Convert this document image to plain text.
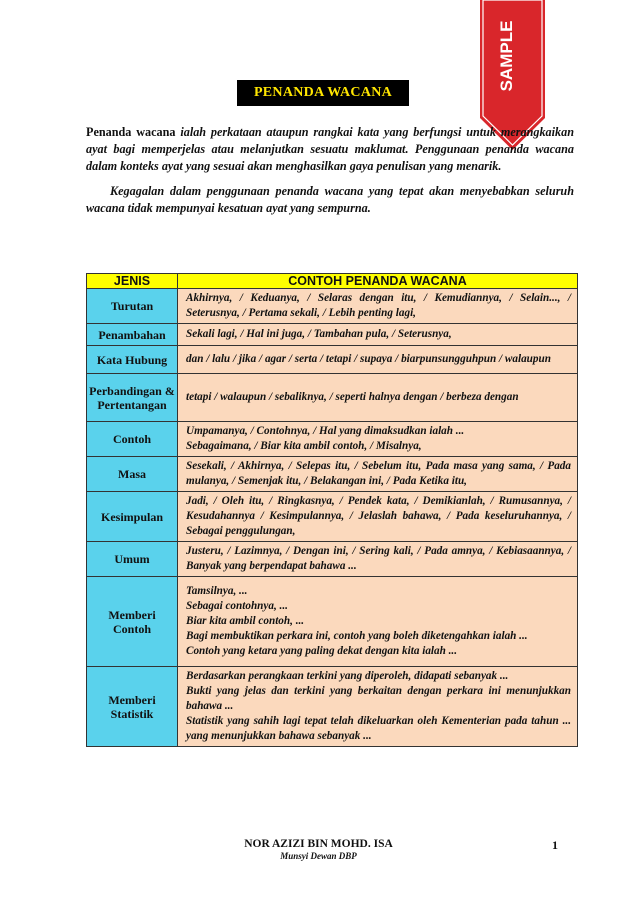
PENANDA WACANA
SAMPLE

Penanda wacana ialah perkataan ataupun rangkai kata yang berfungsi untuk merangkaikan ayat bagi memperjelas atau melanjutkan sesuatu maklumat. Penggunaan penanda wacana dalam konteks ayat yang sesuai akan menghasilkan gaya penulisan yang menarik.

Kegagalan dalam penggunaan penanda wacana yang tepat akan menyebabkan seluruh wacana tidak mempunyai kesatuan ayat yang sempurna.

JENIS	CONTOH PENANDA WACANA
Turutan	Akhirnya, / Keduanya, / Selaras dengan itu, / Kemudiannya, / Selain..., / Seterusnya, / Pertama sekali, / Lebih penting lagi,

Penambahan	Sekali lagi, / Hal ini juga, / Tambahan pula, / Seterusnya,

Kata Hubung	dan / lalu / jika / agar / serta / tetapi / supaya / biarpunsungguhpun / walaupun

Perbandingan & Pertentangan	tetapi / walaupun / sebaliknya, / seperti halnya dengan / berbeza dengan

Contoh	Umpamanya, / Contohnya, / Hal yang dimaksudkan ialah ...
Sebagaimana, / Biar kita ambil contoh, / Misalnya,

Masa	Sesekali, / Akhirnya, / Selepas itu, / Sebelum itu, Pada masa yang sama, / Pada mulanya, / Semenjak itu, / Belakangan ini, / Pada Ketika itu,

Kesimpulan	Jadi, / Oleh itu, / Ringkasnya, / Pendek kata, / Demikianlah, / Rumusannya, / Kesudahannya / Kesimpulannya, / Jelaslah bahawa, / Pada keseluruhannya, / Sebagai penggulungan,

Umum	Justeru, / Lazimnya, / Dengan ini, / Sering kali, / Pada amnya, / Kebiasaannya, / Banyak yang berpendapat bahawa ...

Memberi Contoh	Tamsilnya, ...
Sebagai contohnya, ...
Biar kita ambil contoh, ...
Bagi membuktikan perkara ini, contoh yang boleh diketengahkan ialah ...
Contoh yang ketara yang paling dekat dengan kita ialah ...

Memberi Statistik	Berdasarkan perangkaan terkini yang diperoleh, didapati sebanyak ...
Bukti yang jelas dan terkini yang berkaitan dengan perkara ini menunjukkan bahawa ...
Statistik yang sahih lagi tepat telah dikeluarkan oleh Kementerian pada tahun ... yang menunjukkan bahawa sebanyak ...
NOR AZIZI BIN MOHD. ISA
Munsyi Dewan DBP
1
